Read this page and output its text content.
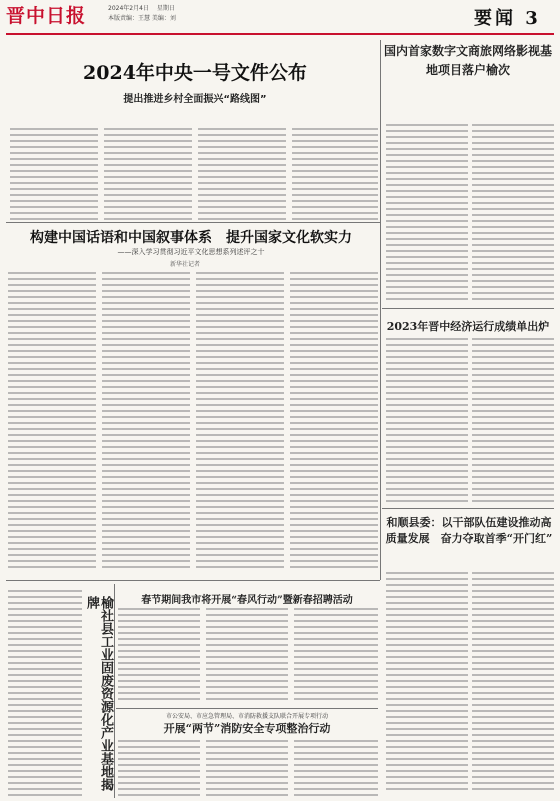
晋中日报	2024年2月4日 星期日
本版责编：王慧 美编：刘	要闻 3
2024年中央一号文件公布
提出推进乡村全面振兴“路线图”
构建中国话语和中国叙事体系　提升国家文化软实力
——深入学习贯彻习近平文化思想系列述评之十
新华社记者
国内首家数字文商旅网络影视基地项目落户榆次
2023年晋中经济运行成绩单出炉
和顺县委：以干部队伍建设推动高质量发展　奋力夺取首季“开门红”
榆社县工业固废资源化产业基地揭牌	春节期间我市将开展“春风行动”暨新春招聘活动
市公安局、市应急管理局、市消防救援支队联合开展专项行动
开展“两节”消防安全专项整治行动
